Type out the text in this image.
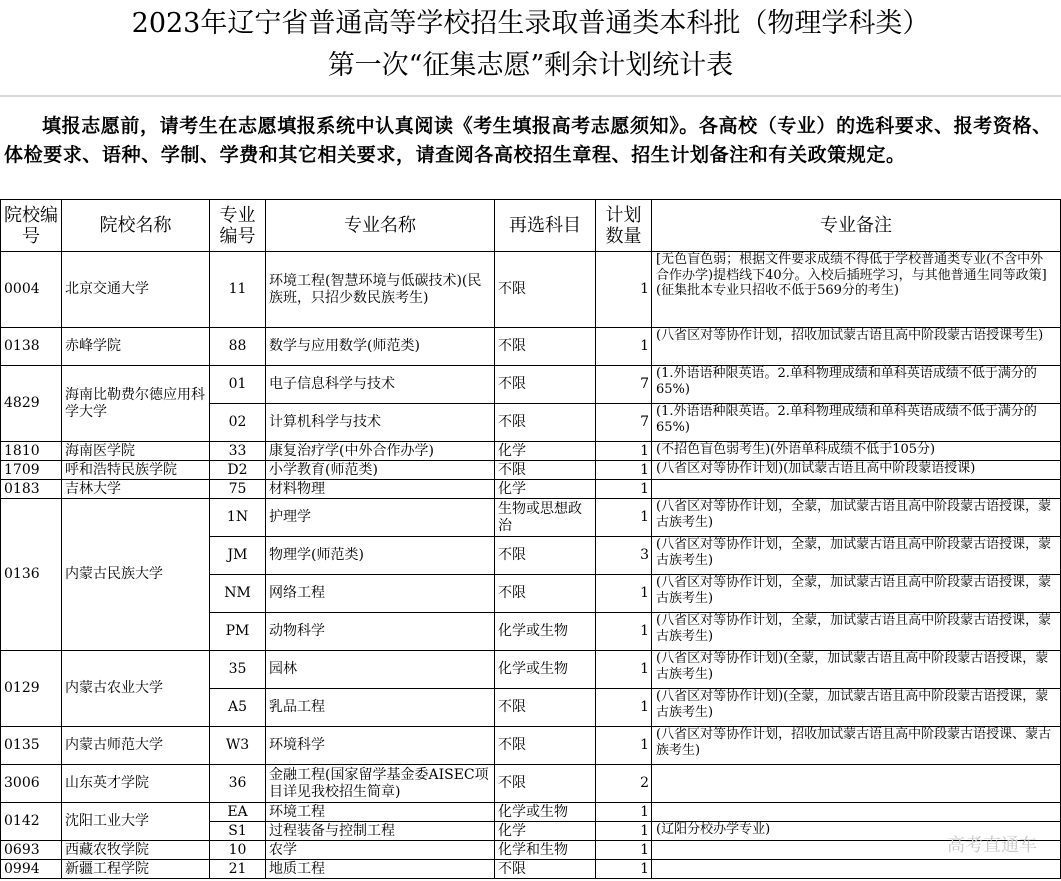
2023年辽宁省普通高等学校招生录取普通类本科批（物理学科类）
第一次“征集志愿”剩余计划统计表
填报志愿前，请考生在志愿填报系统中认真阅读《考生填报高考志愿须知》。各高校（专业）的选科要求、报考资格、体检要求、语种、学制、学费和其它相关要求，请查阅各高校招生章程、招生计划备注和有关政策规定。
院校编号	院校名称	专业编号	专业名称	再选科目	计划数量	专业备注
0004	北京交通大学	11	环境工程(智慧环境与低碳技术)(民族班，只招少数民族考生)	不限	1	[无色盲色弱；根据文件要求成绩不得低于学校普通类专业(不含中外合作办学)提档线下40分。入校后插班学习，与其他普通生同等政策](征集批本专业只招收不低于569分的考生)
0138	赤峰学院	88	数学与应用数学(师范类)	不限	1	(八省区对等协作计划，招收加试蒙古语且高中阶段蒙古语授课考生)
4829	海南比勒费尔德应用科学大学	01	电子信息科学与技术	不限	7	(1.外语语种限英语。2.单科物理成绩和单科英语成绩不低于满分的65%)
		02	计算机科学与技术	不限	7	(1.外语语种限英语。2.单科物理成绩和单科英语成绩不低于满分的65%)
1810	海南医学院	33	康复治疗学(中外合作办学)	化学	1	(不招色盲色弱考生)(外语单科成绩不低于105分)
1709	呼和浩特民族学院	D2	小学教育(师范类)	不限	1	(八省区对等协作计划)(加试蒙古语且高中阶段蒙语授课)
0183	吉林大学	75	材料物理	化学	1	
0136	内蒙古民族大学	1N	护理学	生物或思想政治	1	(八省区对等协作计划，全蒙，加试蒙古语且高中阶段蒙古语授课，蒙古族考生)
		JM	物理学(师范类)	不限	3	(八省区对等协作计划，全蒙，加试蒙古语且高中阶段蒙古语授课，蒙古族考生)
		NM	网络工程	不限	1	(八省区对等协作计划，全蒙，加试蒙古语且高中阶段蒙古语授课，蒙古族考生)
		PM	动物科学	化学或生物	1	(八省区对等协作计划，全蒙，加试蒙古语且高中阶段蒙古语授课，蒙古族考生)
0129	内蒙古农业大学	35	园林	化学或生物	1	(八省区对等协作计划)(全蒙，加试蒙古语且高中阶段蒙古语授课，蒙古族考生)
		A5	乳品工程	不限	1	(八省区对等协作计划)(全蒙，加试蒙古语且高中阶段蒙古语授课，蒙古族考生)
0135	内蒙古师范大学	W3	环境科学	不限	1	(八省区对等协作计划，招收加试蒙古语且高中阶段蒙古语授课、蒙古族考生)
3006	山东英才学院	36	金融工程(国家留学基金委AISEC项目详见我校招生简章)	不限	2	
0142	沈阳工业大学	EA	环境工程	化学或生物	1	
		S1	过程装备与控制工程	化学	1	(辽阳分校办学专业)
0693	西藏农牧学院	10	农学	化学和生物	1	
0994	新疆工程学院	21	地质工程	不限	1	
高考直通车
